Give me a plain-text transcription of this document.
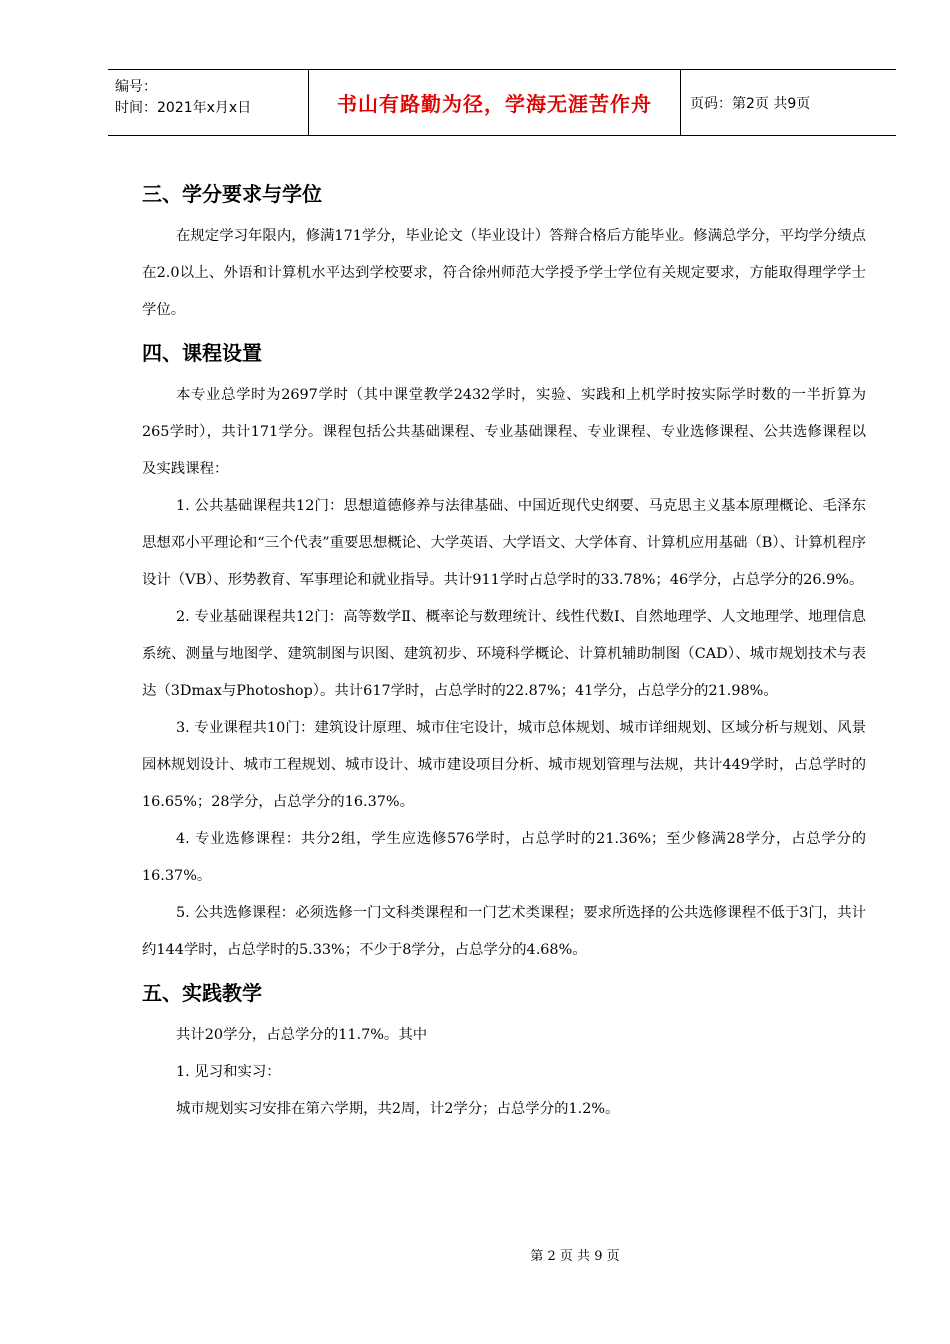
编号：
时间：2021年x月x日	书山有路勤为径，学海无涯苦作舟	页码：第2页 共9页
三、学分要求与学位

在规定学习年限内，修满171学分，毕业论文（毕业设计）答辩合格后方能毕业。修满总学分，平均学分绩点在2.0以上、外语和计算机水平达到学校要求，符合徐州师范大学授予学士学位有关规定要求，方能取得理学学士学位。

四、课程设置

本专业总学时为2697学时（其中课堂教学2432学时，实验、实践和上机学时按实际学时数的一半折算为265学时），共计171学分。课程包括公共基础课程、专业基础课程、专业课程、专业选修课程、公共选修课程以及实践课程：

1. 公共基础课程共12门：思想道德修养与法律基础、中国近现代史纲要、马克思主义基本原理概论、毛泽东思想邓小平理论和“三个代表”重要思想概论、大学英语、大学语文、大学体育、计算机应用基础（B）、计算机程序设计（VB）、形势教育、军事理论和就业指导。共计911学时占总学时的33.78%；46学分，占总学分的26.9%。

2. 专业基础课程共12门：高等数学Ⅱ、概率论与数理统计、线性代数Ⅰ、自然地理学、人文地理学、地理信息系统、测量与地图学、建筑制图与识图、建筑初步、环境科学概论、计算机辅助制图（CAD）、城市规划技术与表达（3Dmax与Photoshop）。共计617学时，占总学时的22.87%；41学分，占总学分的21.98%。

3. 专业课程共10门：建筑设计原理、城市住宅设计，城市总体规划、城市详细规划、区域分析与规划、风景园林规划设计、城市工程规划、城市设计、城市建设项目分析、城市规划管理与法规，共计449学时，占总学时的16.65%；28学分，占总学分的16.37%。

4. 专业选修课程：共分2组，学生应选修576学时，占总学时的21.36%；至少修满28学分，占总学分的16.37%。

5. 公共选修课程：必须选修一门文科类课程和一门艺术类课程；要求所选择的公共选修课程不低于3门，共计约144学时，占总学时的5.33%；不少于8学分，占总学分的4.68%。

五、实践教学

共计20学分，占总学分的11.7%。其中

1. 见习和实习：

城市规划实习安排在第六学期，共2周，计2学分；占总学分的1.2%。

第 2 页 共 9 页
